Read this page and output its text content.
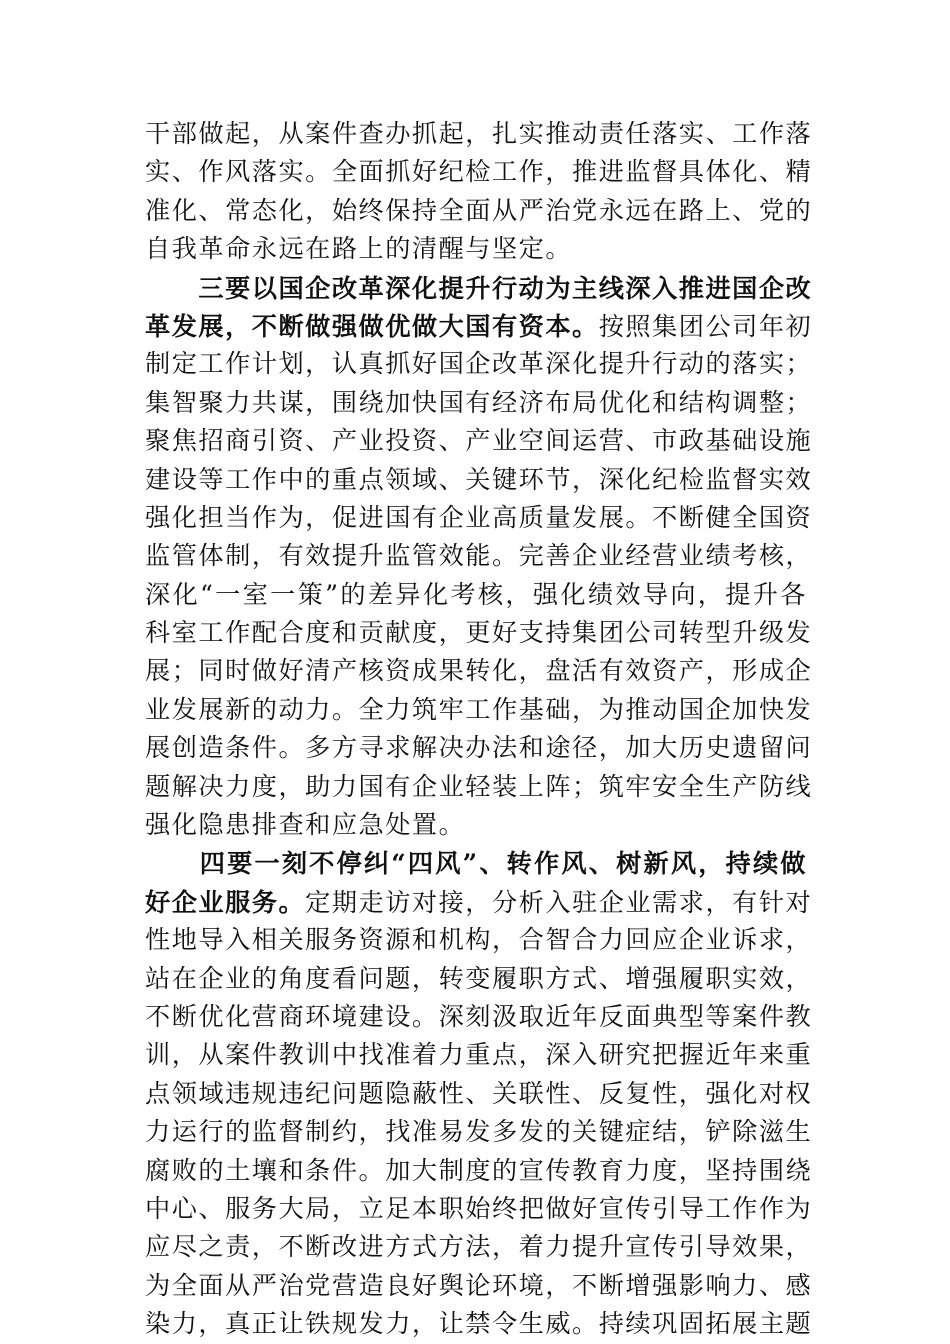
干部做起，从案件查办抓起，扎实推动责任落实、工作落
实、作风落实。全面抓好纪检工作，推进监督具体化、精
准化、常态化，始终保持全面从严治党永远在路上、党的
自我革命永远在路上的清醒与坚定。
　　三要以国企改革深化提升行动为主线深入推进国企改
革发展，不断做强做优做大国有资本。按照集团公司年初
制定工作计划，认真抓好国企改革深化提升行动的落实；
集智聚力共谋，围绕加快国有经济布局优化和结构调整；
聚焦招商引资、产业投资、产业空间运营、市政基础设施
建设等工作中的重点领域、关键环节，深化纪检监督实效
强化担当作为，促进国有企业高质量发展。不断健全国资
监管体制，有效提升监管效能。完善企业经营业绩考核，
深化“一室一策”的差异化考核，强化绩效导向，提升各
科室工作配合度和贡献度，更好支持集团公司转型升级发
展；同时做好清产核资成果转化，盘活有效资产，形成企
业发展新的动力。全力筑牢工作基础，为推动国企加快发
展创造条件。多方寻求解决办法和途径，加大历史遗留问
题解决力度，助力国有企业轻装上阵；筑牢安全生产防线
强化隐患排查和应急处置。
　　四要一刻不停纠“四风”、转作风、树新风，持续做
好企业服务。定期走访对接，分析入驻企业需求，有针对
性地导入相关服务资源和机构，合智合力回应企业诉求，
站在企业的角度看问题，转变履职方式、增强履职实效，
不断优化营商环境建设。深刻汲取近年反面典型等案件教
训，从案件教训中找准着力重点，深入研究把握近年来重
点领域违规违纪问题隐蔽性、关联性、反复性，强化对权
力运行的监督制约，找准易发多发的关键症结，铲除滋生
腐败的土壤和条件。加大制度的宣传教育力度，坚持围绕
中心、服务大局，立足本职始终把做好宣传引导工作作为
应尽之责，不断改进方式方法，着力提升宣传引导效果，
为全面从严治党营造良好舆论环境，不断增强影响力、感
染力，真正让铁规发力，让禁令生威。持续巩固拓展主题
